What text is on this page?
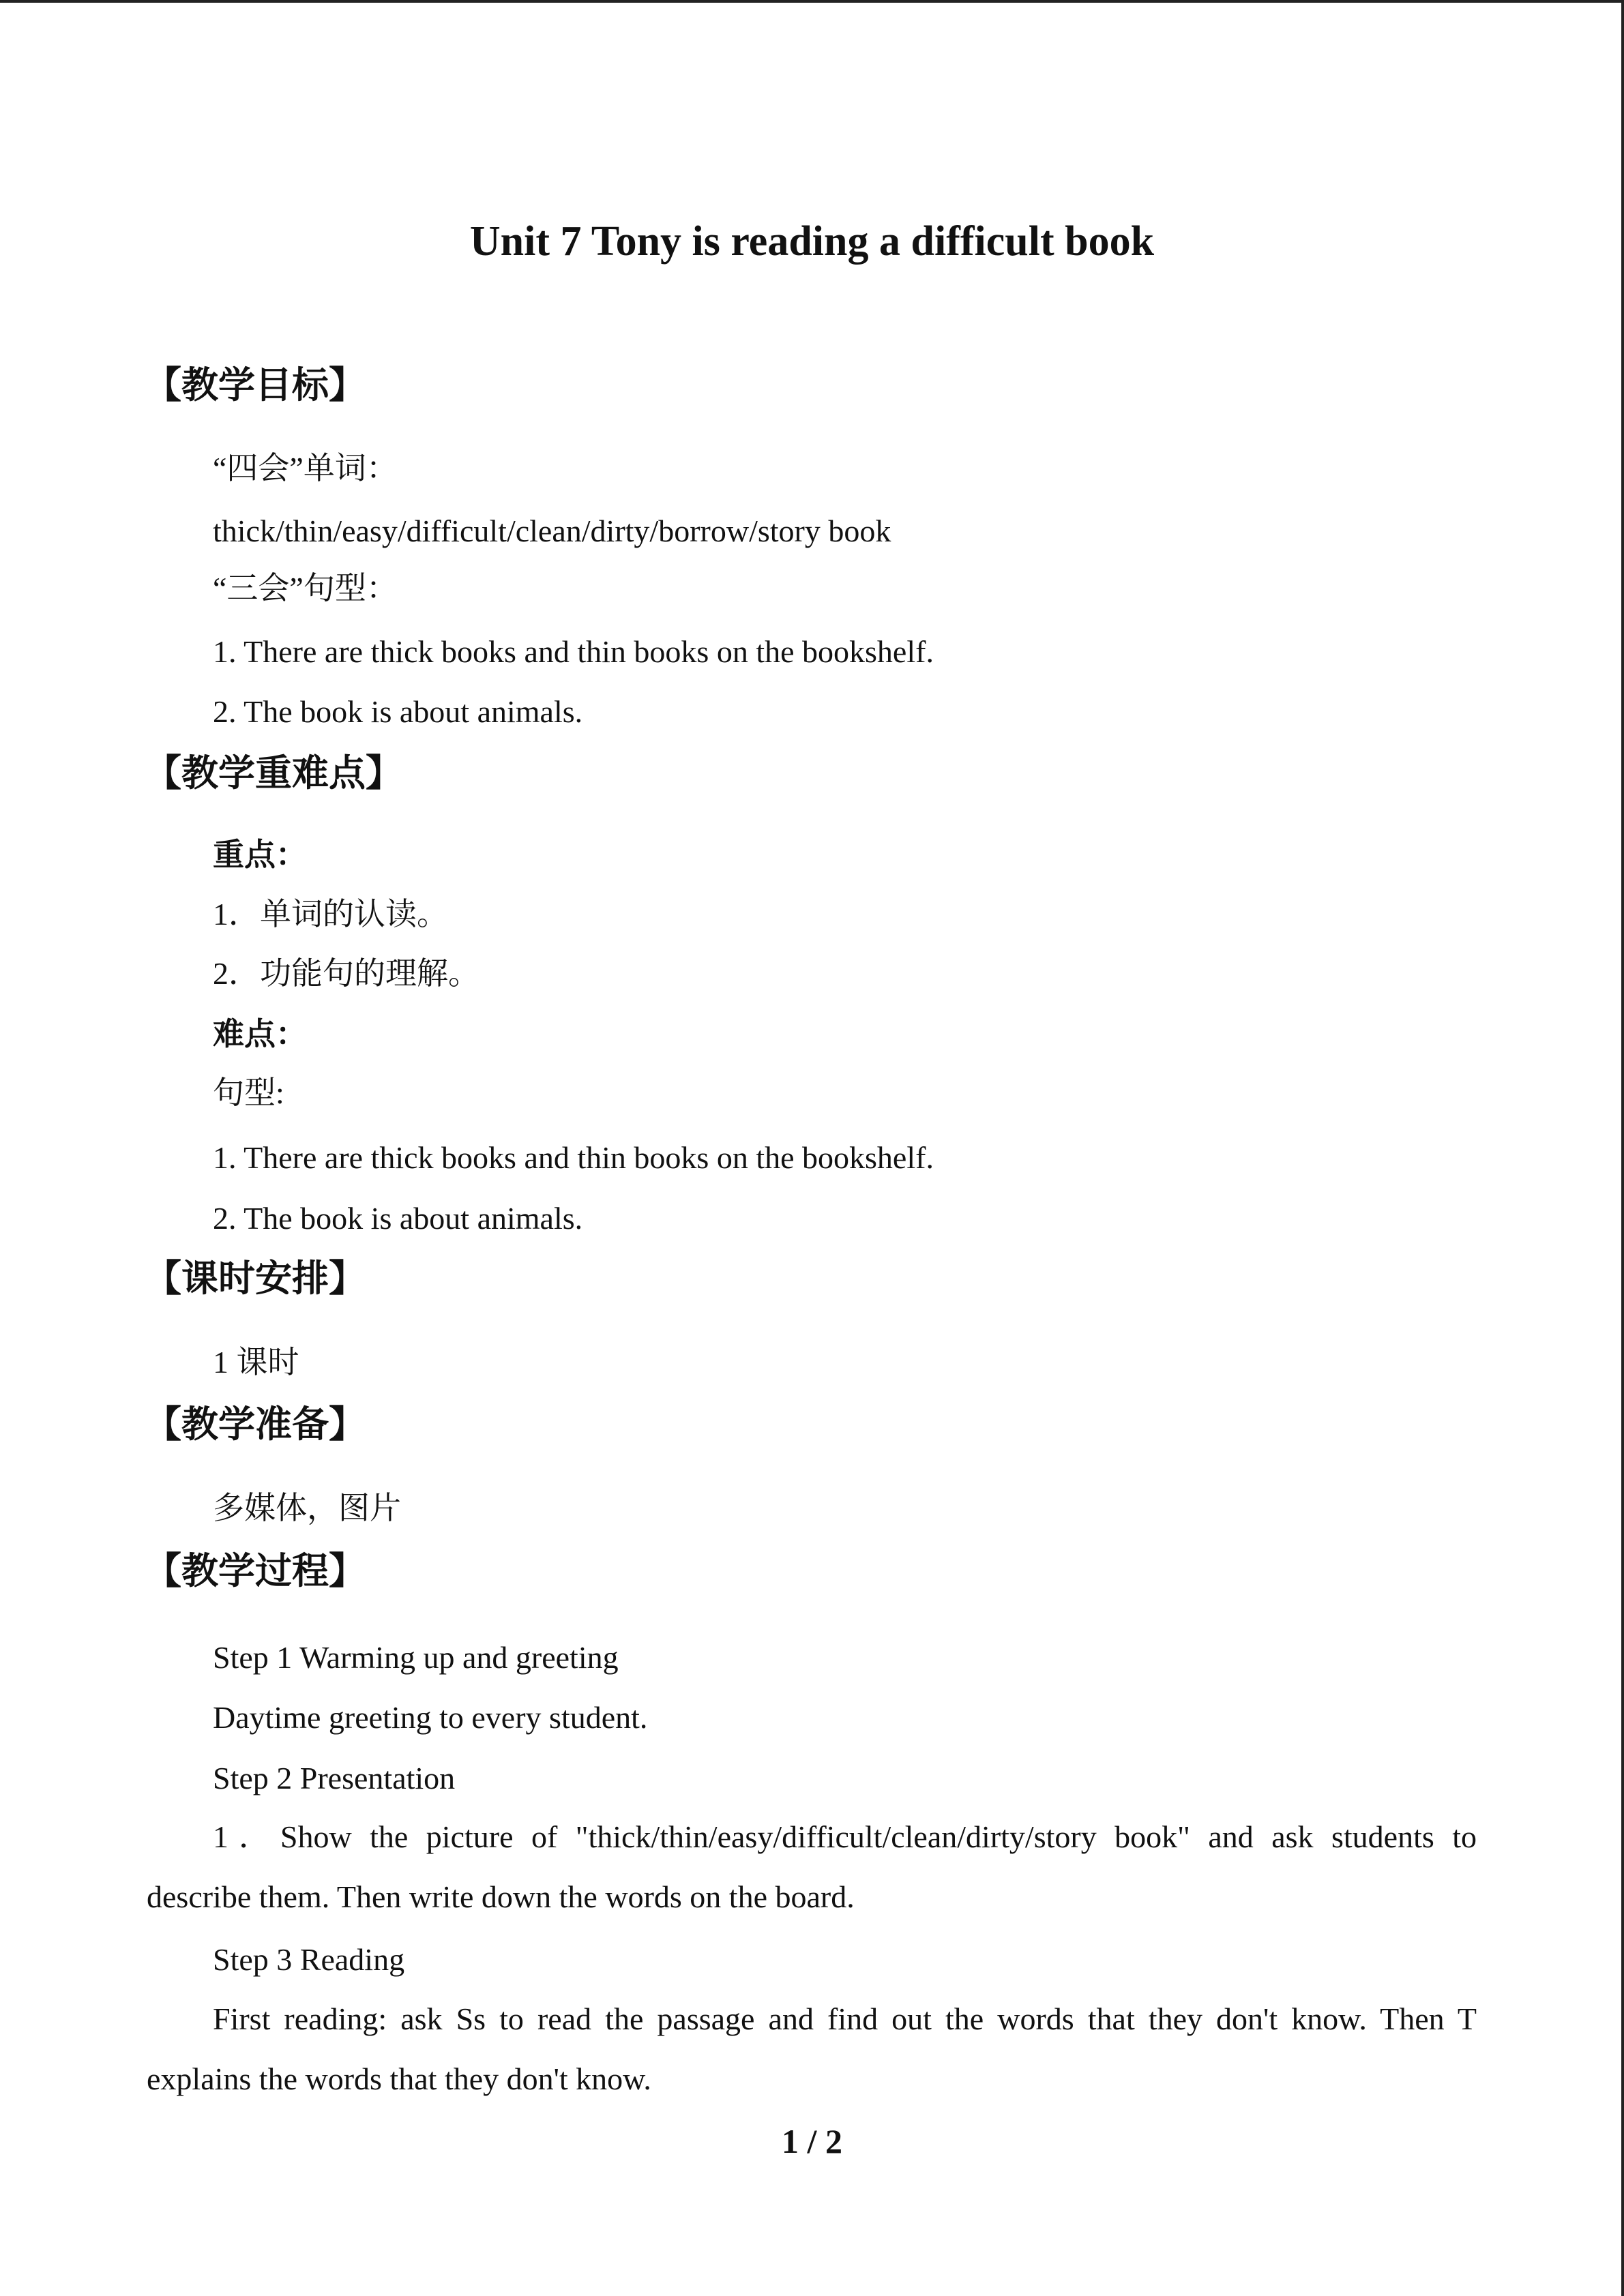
Unit 7 Tony is reading a difficult book
【教学目标】
“四会”单词：
thick/thin/easy/difficult/clean/dirty/borrow/story book
“三会”句型：
1. There are thick books and thin books on the bookshelf.
2. The book is about animals.
【教学重难点】
重点：
1．单词的认读。
2．功能句的理解。
难点：
句型:
1. There are thick books and thin books on the bookshelf.
2. The book is about animals.
【课时安排】
1 课时
【教学准备】
多媒体，图片
【教学过程】
Step 1 Warming up and greeting
Daytime greeting to every student.
Step 2 Presentation
1．Show the picture of "thick/thin/easy/difficult/clean/dirty/story book" and ask students to describe them. Then write down the words on the board.
Step 3 Reading
First reading: ask Ss to read the passage and find out the words that they don't know. Then T explains the words that they don't know.
1 / 2
